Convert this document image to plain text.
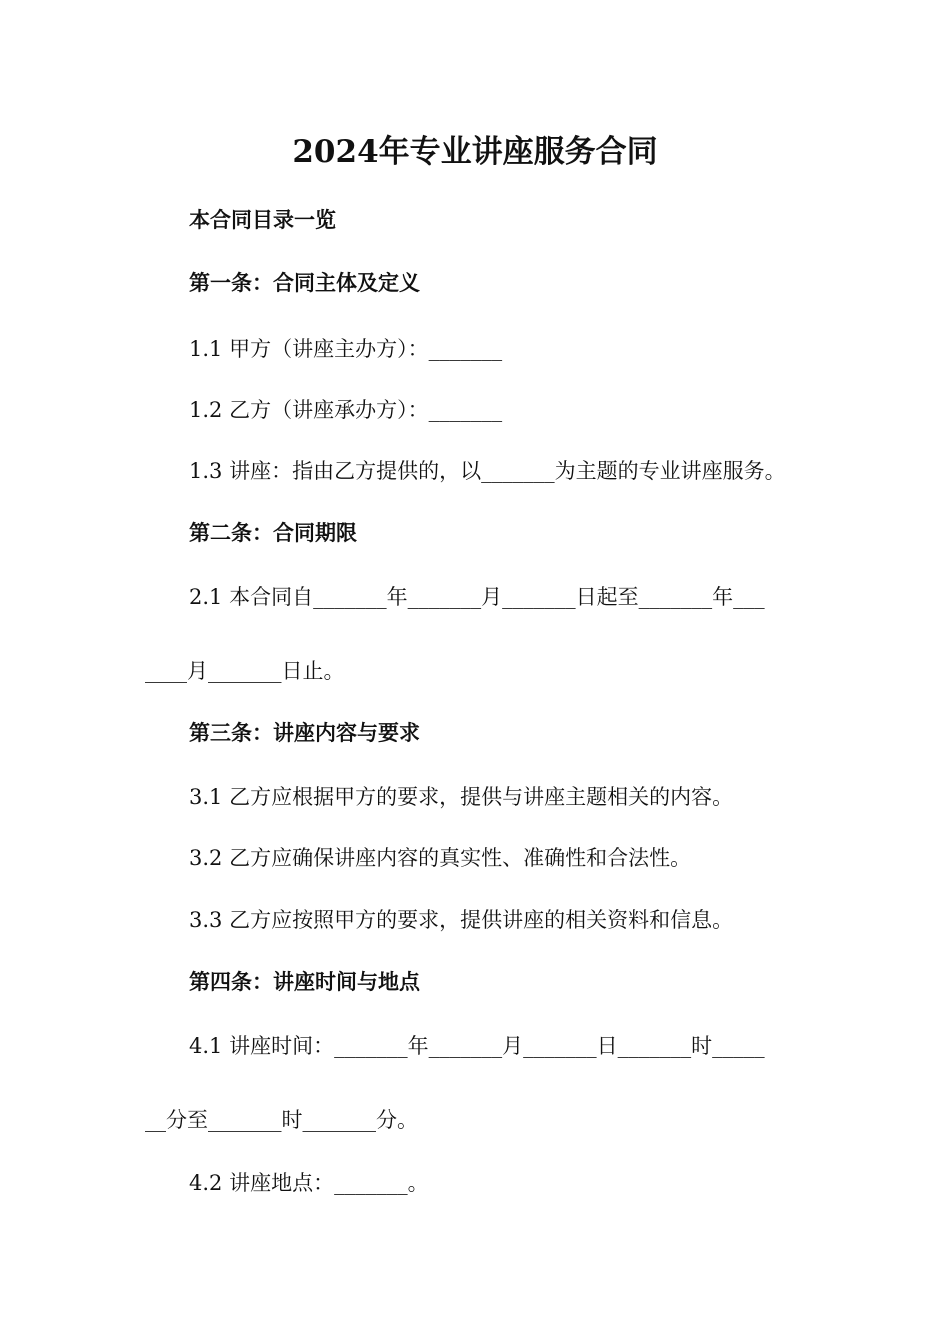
2024年专业讲座服务合同
本合同目录一览
第一条：合同主体及定义
1.1 甲方（讲座主办方）：_______
1.2 乙方（讲座承办方）：_______
1.3 讲座：指由乙方提供的，以_______为主题的专业讲座服务。
第二条：合同期限
2.1 本合同自_______年_______月_______日起至_______年___
____月_______日止。
第三条：讲座内容与要求
3.1 乙方应根据甲方的要求，提供与讲座主题相关的内容。
3.2 乙方应确保讲座内容的真实性、准确性和合法性。
3.3 乙方应按照甲方的要求，提供讲座的相关资料和信息。
第四条：讲座时间与地点
4.1 讲座时间：_______年_______月_______日_______时_____
__分至_______时_______分。
4.2 讲座地点：_______。
